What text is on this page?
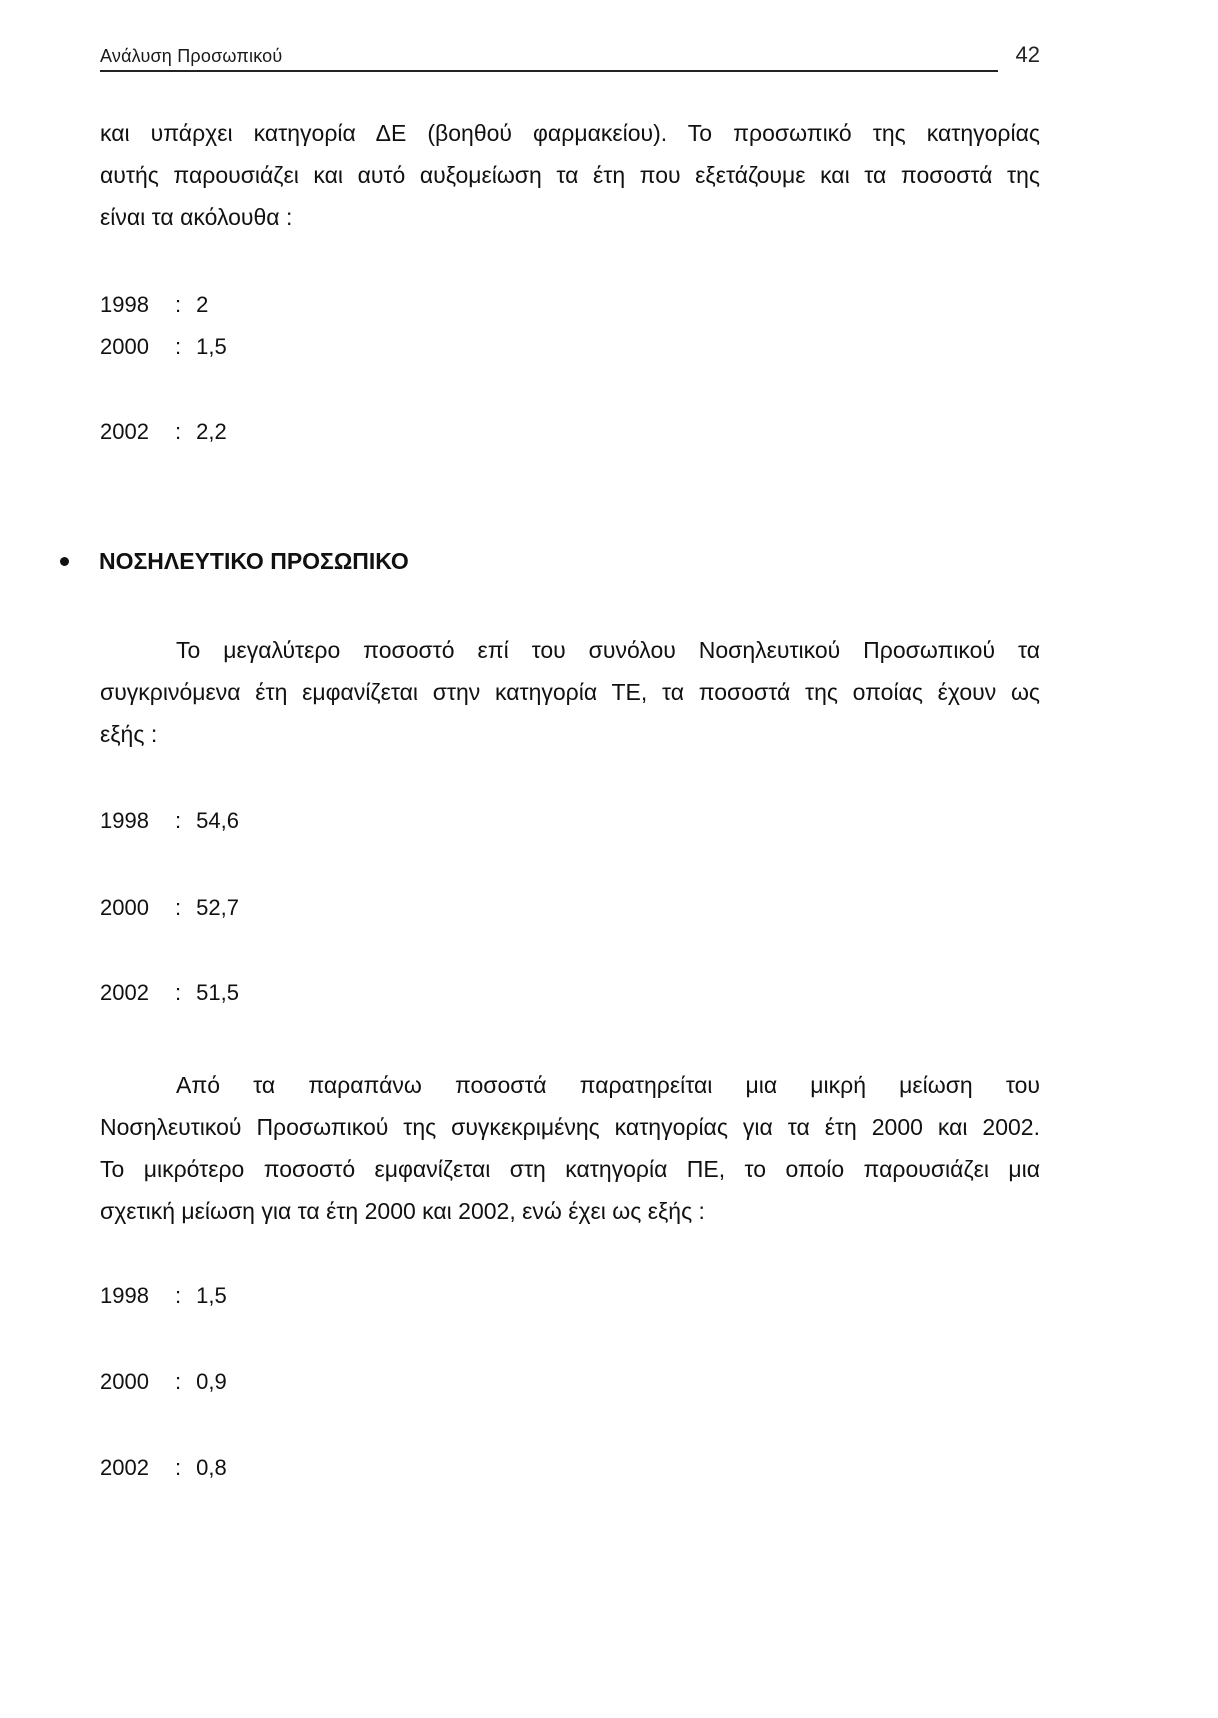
Ανάλυση Προσωπικού	42
και υπάρχει κατηγορία ΔΕ (βοηθού φαρμακείου). Το προσωπικό της κατηγορίας
αυτής παρουσιάζει και αυτό αυξομείωση τα έτη που εξετάζουμε και τα ποσοστά της
είναι τα ακόλουθα :
1998 : 2
2000 : 1,5
2002 : 2,2
ΝΟΣΗΛΕΥΤΙΚΟ ΠΡΟΣΩΠΙΚΟ
Το μεγαλύτερο ποσοστό επί του συνόλου Νοσηλευτικού Προσωπικού τα
συγκρινόμενα έτη εμφανίζεται στην κατηγορία ΤΕ, τα ποσοστά της οποίας έχουν ως
εξής :
1998 : 54,6
2000 : 52,7
2002 : 51,5
Από τα παραπάνω ποσοστά παρατηρείται μια μικρή μείωση του
Νοσηλευτικού Προσωπικού της συγκεκριμένης κατηγορίας για τα έτη 2000 και 2002.
Το μικρότερο ποσοστό εμφανίζεται στη κατηγορία ΠΕ, το οποίο παρουσιάζει μια
σχετική μείωση για τα έτη 2000 και 2002, ενώ έχει ως εξής :
1998 : 1,5
2000 : 0,9
2002 : 0,8
